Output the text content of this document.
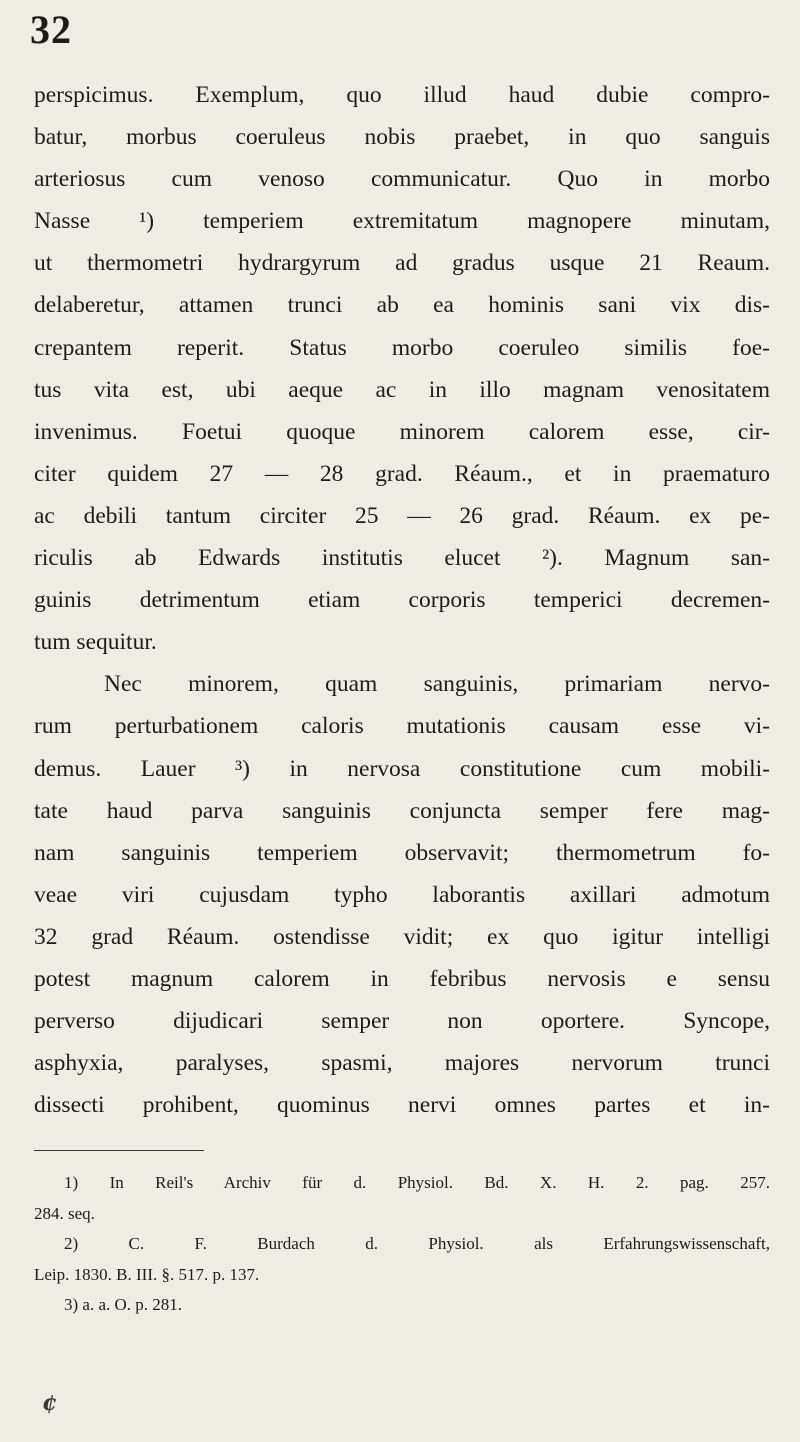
32
perspicimus. Exemplum, quo illud haud dubie compro-
batur, morbus coeruleus nobis praebet, in quo sanguis
arteriosus cum venoso communicatur. Quo in morbo
Nasse ¹) temperiem extremitatum magnopere minutam,
ut thermometri hydrargyrum ad gradus usque 21 Reaum.
delaberetur, attamen trunci ab ea hominis sani vix dis-
crepantem reperit. Status morbo coeruleo similis foe-
tus vita est, ubi aeque ac in illo magnam venositatem
invenimus. Foetui quoque minorem calorem esse, cir-
citer quidem 27 — 28 grad. Réaum., et in praematuro
ac debili tantum circiter 25 — 26 grad. Réaum. ex pe-
riculis ab Edwards institutis elucet ²). Magnum san-
guinis detrimentum etiam corporis temperici decremen-
tum sequitur.
Nec minorem, quam sanguinis, primariam nervo-
rum perturbationem caloris mutationis causam esse vi-
demus. Lauer ³) in nervosa constitutione cum mobili-
tate haud parva sanguinis conjuncta semper fere mag-
nam sanguinis temperiem observavit; thermometrum fo-
veae viri cujusdam typho laborantis axillari admotum
32 grad Réaum. ostendisse vidit; ex quo igitur intelligi
potest magnum calorem in febribus nervosis e sensu
perverso dijudicari semper non oportere. Syncope,
asphyxia, paralyses, spasmi, majores nervorum trunci
dissecti prohibent, quominus nervi omnes partes et in-
1) In Reil's Archiv für d. Physiol. Bd. X. H. 2. pag. 257.
284. seq.
2) C. F. Burdach d. Physiol. als Erfahrungswissenschaft,
Leip. 1830. B. III. §. 517. p. 137.
3) a. a. O. p. 281.
¢
